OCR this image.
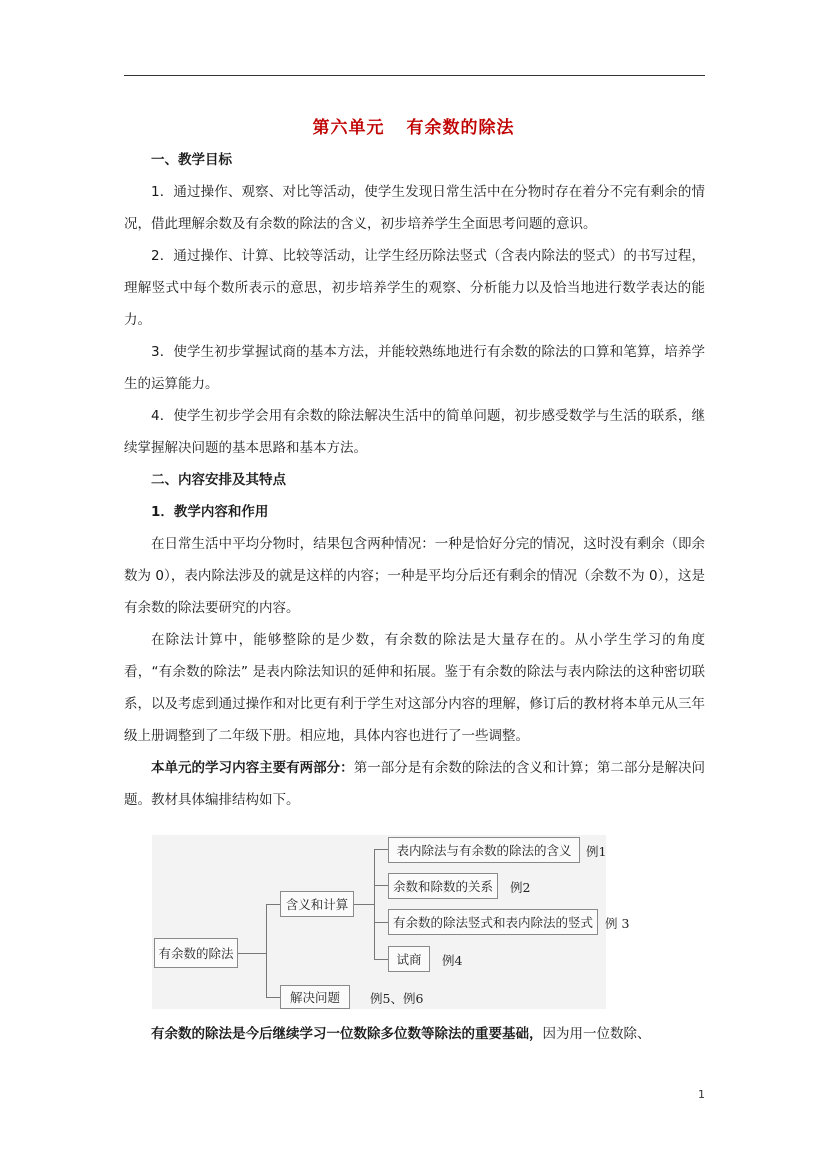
第六单元 有余数的除法
一、教学目标
1．通过操作、观察、对比等活动，使学生发现日常生活中在分物时存在着分不完有剩余的情况，借此理解余数及有余数的除法的含义，初步培养学生全面思考问题的意识。
2．通过操作、计算、比较等活动，让学生经历除法竖式（含表内除法的竖式）的书写过程，理解竖式中每个数所表示的意思，初步培养学生的观察、分析能力以及恰当地进行数学表达的能力。
3．使学生初步掌握试商的基本方法，并能较熟练地进行有余数的除法的口算和笔算，培养学生的运算能力。
4．使学生初步学会用有余数的除法解决生活中的简单问题，初步感受数学与生活的联系，继续掌握解决问题的基本思路和基本方法。
二、内容安排及其特点
1．教学内容和作用
在日常生活中平均分物时，结果包含两种情况：一种是恰好分完的情况，这时没有剩余（即余数为 0），表内除法涉及的就是这样的内容；一种是平均分后还有剩余的情况（余数不为 0），这是有余数的除法要研究的内容。
在除法计算中，能够整除的是少数，有余数的除法是大量存在的。从小学生学习的角度看，“有余数的除法” 是表内除法知识的延伸和拓展。鉴于有余数的除法与表内除法的这种密切联系，以及考虑到通过操作和对比更有利于学生对这部分内容的理解，修订后的教材将本单元从三年级上册调整到了二年级下册。相应地，具体内容也进行了一些调整。
本单元的学习内容主要有两部分：第一部分是有余数的除法的含义和计算；第二部分是解决问题。教材具体编排结构如下。
有余数的除法
含义和计算
解决问题	例5、例6
表内除法与有余数的除法的含义	例1
余数和除数的关系	例2
有余数的除法竖式和表内除法的竖式 例 3
试商	例4
有余数的除法是今后继续学习一位数除多位数等除法的重要基础，因为用一位数除、
1
